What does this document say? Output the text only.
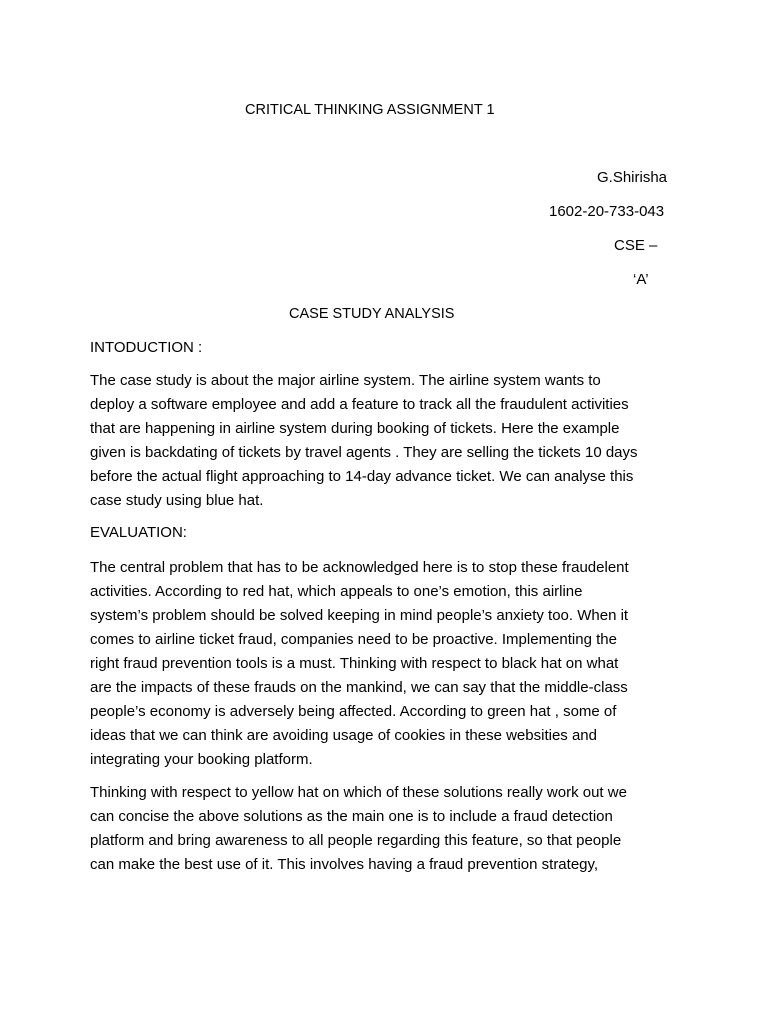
CRITICAL THINKING ASSIGNMENT 1
G.Shirisha
1602-20-733-043
CSE –
‘A’
CASE STUDY ANALYSIS
INTODUCTION :
The case study is about the major airline system. The airline system wants to
deploy a software employee and add a feature to track all the fraudulent activities
that are happening in airline system during booking of tickets. Here the example
given is backdating of tickets by travel agents . They are selling the tickets 10 days
before the actual flight approaching to 14-day advance ticket. We can analyse this
case study using blue hat.
EVALUATION:
The central problem that has to be acknowledged here is to stop these fraudelent
activities. According to red hat, which appeals to one’s emotion, this airline
system’s problem should be solved keeping in mind people’s anxiety too. When it
comes to airline ticket fraud, companies need to be proactive. Implementing the
right fraud prevention tools is a must. Thinking with respect to black hat on what
are the impacts of these frauds on the mankind, we can say that the middle-class
people’s economy is adversely being affected. According to green hat , some of
ideas that we can think are avoiding usage of cookies in these websities and
integrating your booking platform.
Thinking with respect to yellow hat on which of these solutions really work out we
can concise the above solutions as the main one is to include a fraud detection
platform and bring awareness to all people regarding this feature, so that people
can make the best use of it. This involves having a fraud prevention strategy,
